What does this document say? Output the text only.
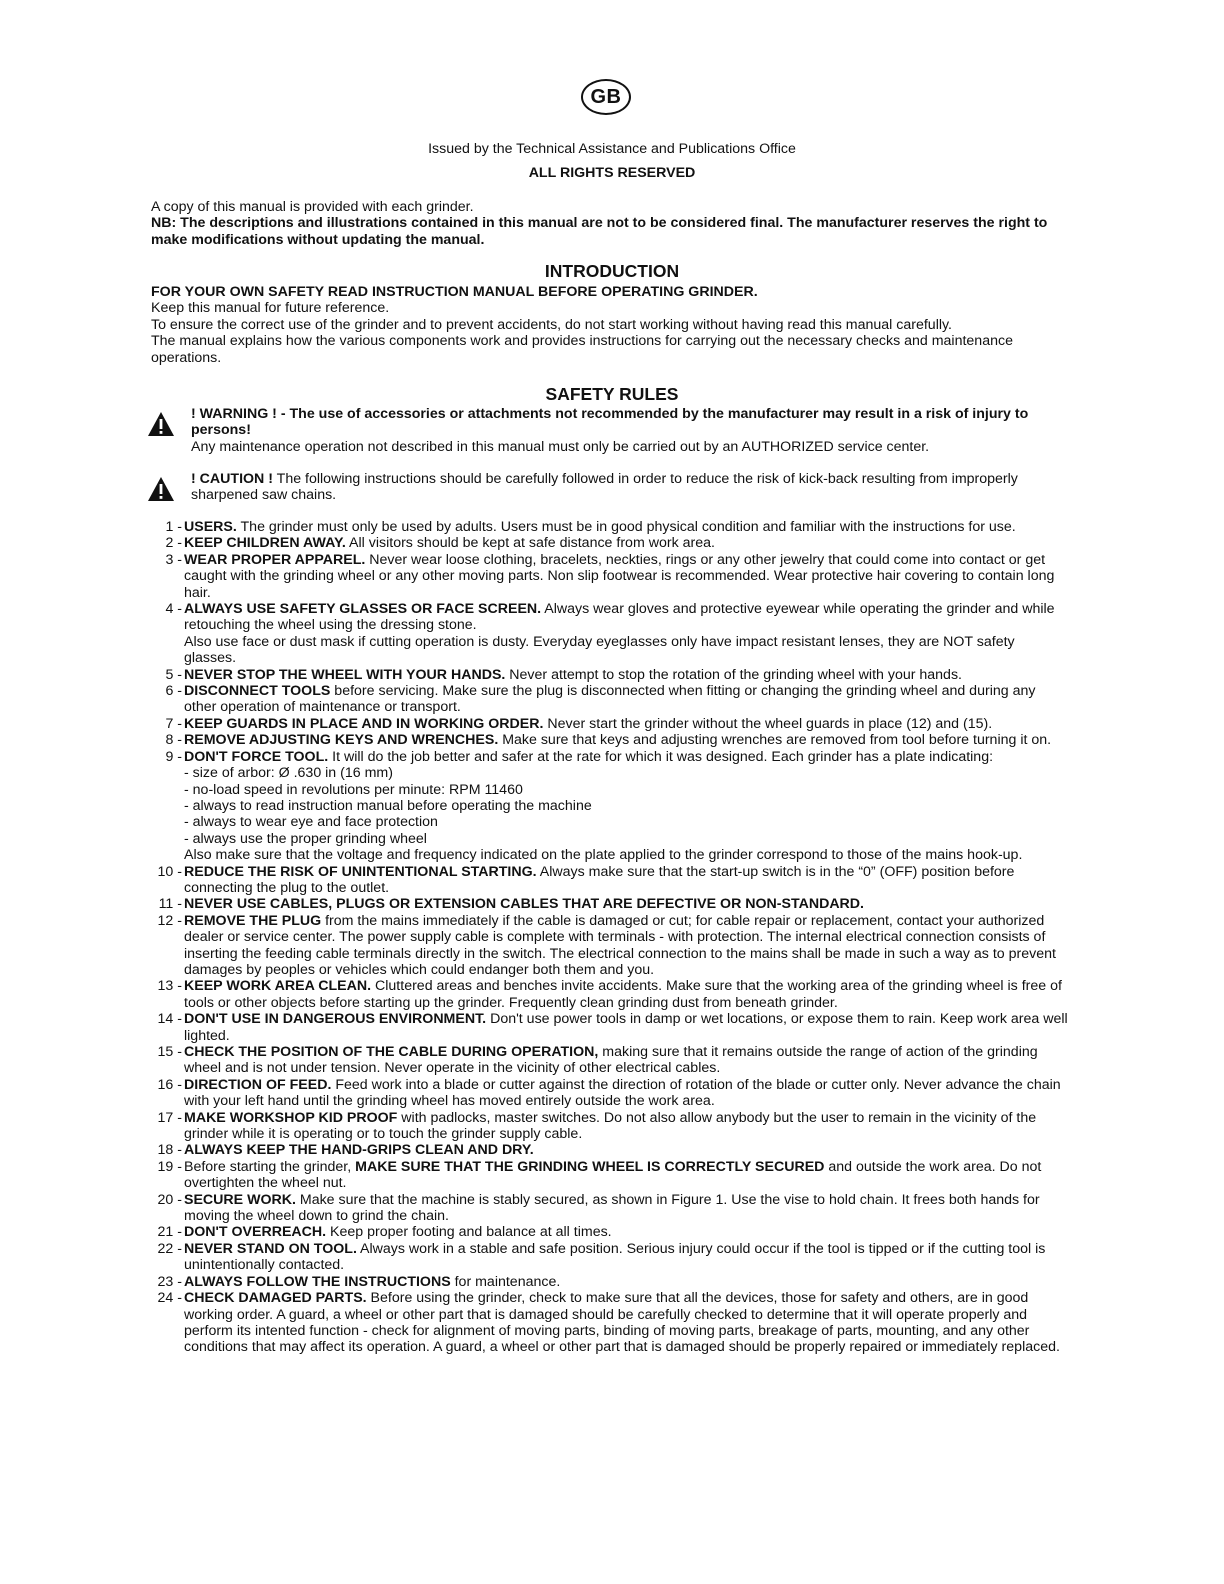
GB
Issued by the Technical Assistance and Publications Office
ALL RIGHTS RESERVED
A copy of this manual is provided with each grinder.
NB: The descriptions and illustrations contained in this manual are not to be considered final. The manufacturer reserves the right to make modifications without updating the manual.
INTRODUCTION
FOR YOUR OWN SAFETY READ INSTRUCTION MANUAL BEFORE OPERATING GRINDER.
Keep this manual for future reference.
To ensure the correct use of the grinder and to prevent accidents, do not start working without having read this manual carefully.
The manual explains how the various components work and provides instructions for carrying out the necessary checks and maintenance operations.
SAFETY RULES
! WARNING ! - The use of accessories or attachments not recommended by the manufacturer may result in a risk of injury to persons!
Any maintenance operation not described in this manual must only be carried out by an AUTHORIZED service center.
! CAUTION ! The following instructions should be carefully followed in order to reduce the risk of kick-back resulting from improperly sharpened saw chains.
1 - USERS. The grinder must only be used by adults. Users must be in good physical condition and familiar with the instructions for use.
2 - KEEP CHILDREN AWAY. All visitors should be kept at safe distance from work area.
3 - WEAR PROPER APPAREL. Never wear loose clothing, bracelets, neckties, rings or any other jewelry that could come into contact or get caught with the grinding wheel or any other moving parts. Non slip footwear is recommended. Wear protective hair covering to contain long hair.
4 - ALWAYS USE SAFETY GLASSES OR FACE SCREEN. Always wear gloves and protective eyewear while operating the grinder and while retouching the wheel using the dressing stone.
Also use face or dust mask if cutting operation is dusty. Everyday eyeglasses only have impact resistant lenses, they are NOT safety glasses.
5 - NEVER STOP THE WHEEL WITH YOUR HANDS. Never attempt to stop the rotation of the grinding wheel with your hands.
6 - DISCONNECT TOOLS before servicing. Make sure the plug is disconnected when fitting or changing the grinding wheel and during any other operation of maintenance or transport.
7 - KEEP GUARDS IN PLACE AND IN WORKING ORDER. Never start the grinder without the wheel guards in place (12) and (15).
8 - REMOVE ADJUSTING KEYS AND WRENCHES. Make sure that keys and adjusting wrenches are removed from tool before turning it on.
9 - DON'T FORCE TOOL. It will do the job better and safer at the rate for which it was designed. Each grinder has a plate indicating:
- size of arbor: Ø .630 in (16 mm)
- no-load speed in revolutions per minute: RPM 11460
- always to read instruction manual before operating the machine
- always to wear eye and face protection
- always use the proper grinding wheel
Also make sure that the voltage and frequency indicated on the plate applied to the grinder correspond to those of the mains hook-up.
10 - REDUCE THE RISK OF UNINTENTIONAL STARTING. Always make sure that the start-up switch is in the “0” (OFF) position before connecting the plug to the outlet.
11 - NEVER USE CABLES, PLUGS OR EXTENSION CABLES THAT ARE DEFECTIVE OR NON-STANDARD.
12 - REMOVE THE PLUG from the mains immediately if the cable is damaged or cut; for cable repair or replacement, contact your authorized dealer or service center. The power supply cable is complete with terminals - with protection. The internal electrical connection consists of inserting the feeding cable terminals directly in the switch. The electrical connection to the mains shall be made in such a way as to prevent damages by peoples or vehicles which could endanger both them and you.
13 - KEEP WORK AREA CLEAN. Cluttered areas and benches invite accidents. Make sure that the working area of the grinding wheel is free of tools or other objects before starting up the grinder. Frequently clean grinding dust from beneath grinder.
14 - DON'T USE IN DANGEROUS ENVIRONMENT. Don't use power tools in damp or wet locations, or expose them to rain. Keep work area well lighted.
15 - CHECK THE POSITION OF THE CABLE DURING OPERATION, making sure that it remains outside the range of action of the grinding wheel and is not under tension. Never operate in the vicinity of other electrical cables.
16 - DIRECTION OF FEED. Feed work into a blade or cutter against the direction of rotation of the blade or cutter only. Never advance the chain with your left hand until the grinding wheel has moved entirely outside the work area.
17 - MAKE WORKSHOP KID PROOF with padlocks, master switches. Do not also allow anybody but the user to remain in the vicinity of the grinder while it is operating or to touch the grinder supply cable.
18 - ALWAYS KEEP THE HAND-GRIPS CLEAN AND DRY.
19 - Before starting the grinder, MAKE SURE THAT THE GRINDING WHEEL IS CORRECTLY SECURED and outside the work area. Do not overtighten the wheel nut.
20 - SECURE WORK. Make sure that the machine is stably secured, as shown in Figure 1. Use the vise to hold chain. It frees both hands for moving the wheel down to grind the chain.
21 - DON'T OVERREACH. Keep proper footing and balance at all times.
22 - NEVER STAND ON TOOL. Always work in a stable and safe position. Serious injury could occur if the tool is tipped or if the cutting tool is unintentionally contacted.
23 - ALWAYS FOLLOW THE INSTRUCTIONS for maintenance.
24 - CHECK DAMAGED PARTS. Before using the grinder, check to make sure that all the devices, those for safety and others, are in good working order. A guard, a wheel or other part that is damaged should be carefully checked to determine that it will operate properly and perform its intented function - check for alignment of moving parts, binding of moving parts, breakage of parts, mounting, and any other conditions that may affect its operation. A guard, a wheel or other part that is damaged should be properly repaired or immediately replaced.
